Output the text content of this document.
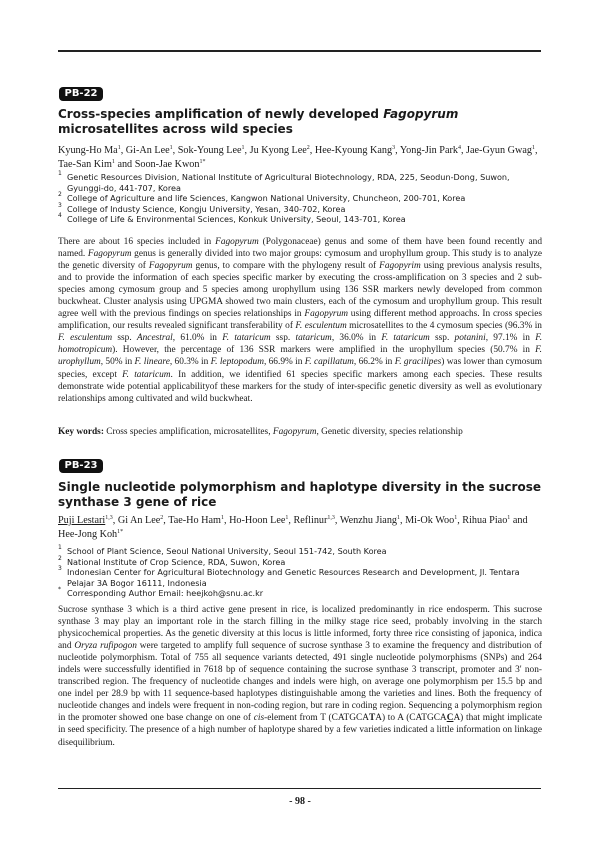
PB-22
Cross-species amplification of newly developed Fagopyrum microsatellites across wild species
Kyung-Ho Ma$^1$, Gi-An Lee$^1$, Sok-Young Lee$^1$, Ju Kyong Lee$^2$, Hee-Kyoung Kang$^3$, Yong-Jin Park$^4$, Jae-Gyun Gwag$^1$, Tae-San Kim$^1$ and Soon-Jae Kwon$^{1*}$
1 Genetic Resources Division, National Institute of Agricultural Biotechnology, RDA, 225, Seodun-Dong, Suwon, Gyunggi-do, 441-707, Korea
2 College of Agriculture and life Sciences, Kangwon National University, Chuncheon, 200-701, Korea
3 College of Industy Science, Kongju University, Yesan, 340-702, Korea
4 College of Life & Environmental Sciences, Konkuk University, Seoul, 143-701, Korea
There are about 16 species included in Fagopyrum (Polygonaceae) genus and some of them have been found recently and named. Fagopyrum genus is generally divided into two major groups: cymosum and urophyllum group. This study is to analyze the genetic diversity of Fagopyrum genus, to compare with the phylogeny result of Fagopyrim using previous analysis results, and to provide the information of each species specific marker by executing the cross-amplification on 3 species and 2 sub-species among cymosum group and 5 species among urophyllum using 136 SSR markers newly developed from common buckwheat. Cluster analysis using UPGMA showed two main clusters, each of the cymosum and urophyllum group. This result agree well with the previous findings on species relationships in Fagopyrum using different method approachs. In cross species amplification, our results revealed significant transferability of F. esculentum microsatellites to the 4 cymosum species (96.3% in F. esculentum ssp. Ancestral, 61.0% in F. tataricum ssp. tataricum, 36.0% in F. tataricum ssp. potanini, 97.1% in F. homotropicum). However, the percentage of 136 SSR markers were amplified in the urophyllum species (50.7% in F. urophyllum, 50% in F. lineare, 60.3% in F. leptopodum, 66.9% in F. capillatum, 66.2% in F. gracilipes) was lower than cymosum species, except F. tataricum. In addition, we identified 61 species specific markers among each species. These results demonstrate wide potential applicabilityof these markers for the study of inter-specific genetic diversity as well as evolutionary relationships among cultivated and wild buckwheat.
Key words: Cross species amplification, microsatellites, Fagopyrum, Genetic diversity, species relationship
PB-23
Single nucleotide polymorphism and haplotype diversity in the sucrose synthase 3 gene of rice
Puji Lestari$^{1,3}$, Gi An Lee$^2$, Tae-Ho Ham$^1$, Ho-Hoon Lee$^1$, Reflinur$^{1,3}$, Wenzhu Jiang$^1$, Mi-Ok Woo$^1$, Rihua Piao$^1$ and Hee-Jong Koh$^{1*}$
1 School of Plant Science, Seoul National University, Seoul 151-742, South Korea
2 National Institute of Crop Science, RDA, Suwon, Korea
3 Indonesian Center for Agricultural Biotechnology and Genetic Resources Research and Development, Jl. Tentara Pelajar 3A Bogor 16111, Indonesia
* Corresponding Author Email: heejkoh@snu.ac.kr
Sucrose synthase 3 which is a third active gene present in rice, is localized predominantly in rice endosperm. This sucrose synthase 3 may play an important role in the starch filling in the milky stage rice seed, probably involving in the starch physicochemical properties. As the genetic diversity at this locus is little informed, forty three rice consisting of japonica, indica and Oryza rufipogon were targeted to amplify full sequence of sucrose synthase 3 to examine the frequency and distribution of nucleotide polymorphism. Total of 755 all sequence variants detected, 491 single nucleotide polymorphisms (SNPs) and 264 indels were successfully identified in 7618 bp of sequence containing the sucrose synthase 3 transcript, promoter and 3' non-transcribed region. The frequency of nucleotide changes and indels were high, on average one polymorphism per 15.5 bp and one indel per 28.9 bp with 11 sequence-based haplotypes distinguishable among the varieties and lines. Both the frequency of nucleotide changes and indels were frequent in non-coding region, but rare in coding region. Sequencing a polymorphism region in the promoter showed one base change on one of cis-element from T (CATGCATA) to A (CATGCACA) that might implicate in seed specificity. The presence of a high number of haplotype shared by a few varieties indicated a little information on linkage disequilibrium.
- 98 -
